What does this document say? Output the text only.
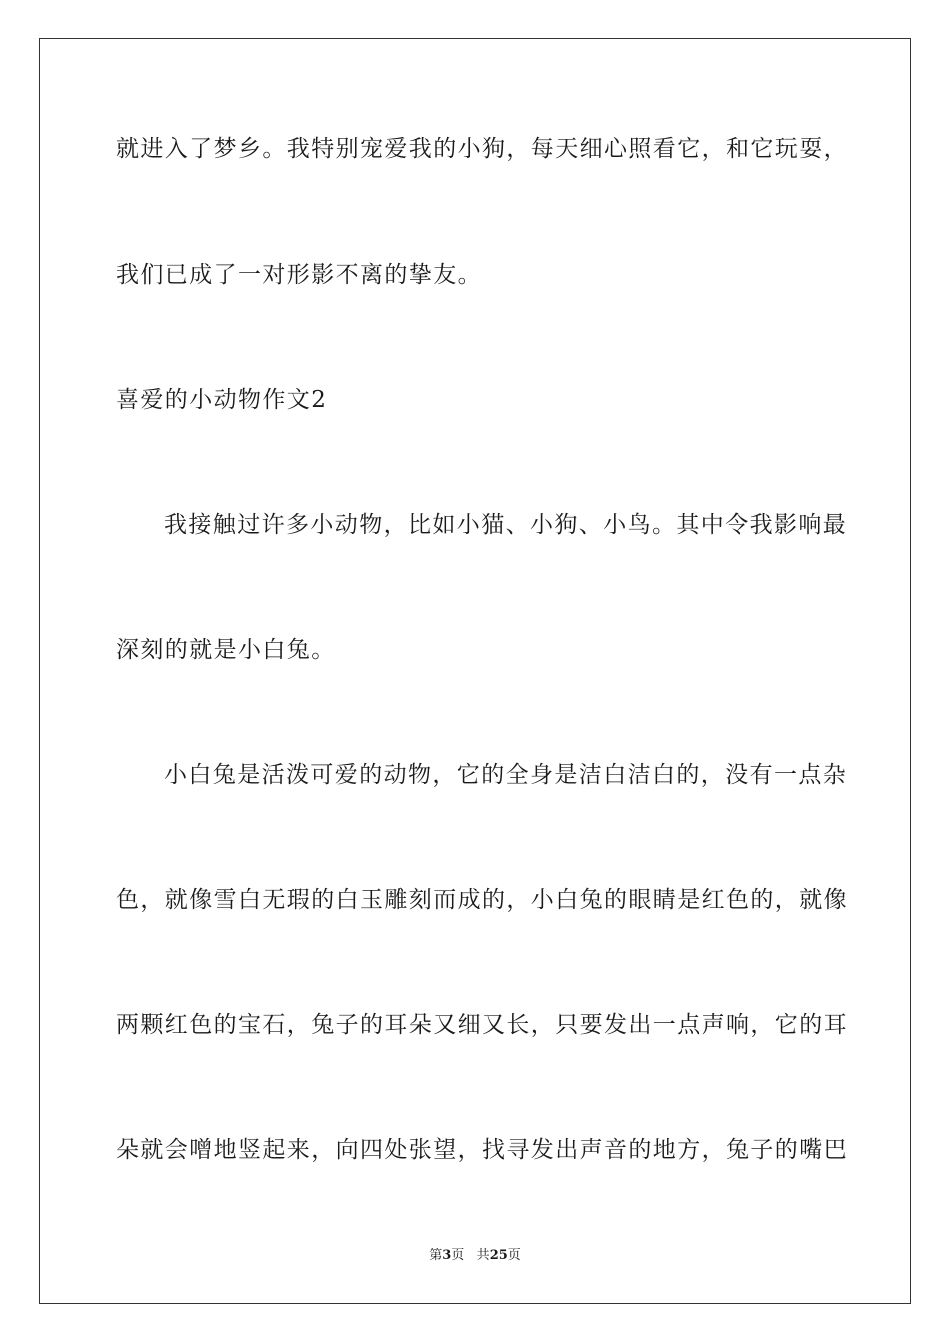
就进入了梦乡。我特别宠爱我的小狗，每天细心照看它，和它玩耍，
我们已成了一对形影不离的挚友。
喜爱的小动物作文2
我接触过许多小动物，比如小猫、小狗、小鸟。其中令我影响最
深刻的就是小白兔。
小白兔是活泼可爱的动物，它的全身是洁白洁白的，没有一点杂
色，就像雪白无瑕的白玉雕刻而成的，小白兔的眼睛是红色的，就像
两颗红色的宝石，兔子的耳朵又细又长，只要发出一点声响，它的耳
朵就会噌地竖起来，向四处张望，找寻发出声音的地方，兔子的嘴巴
第3页 共25页
